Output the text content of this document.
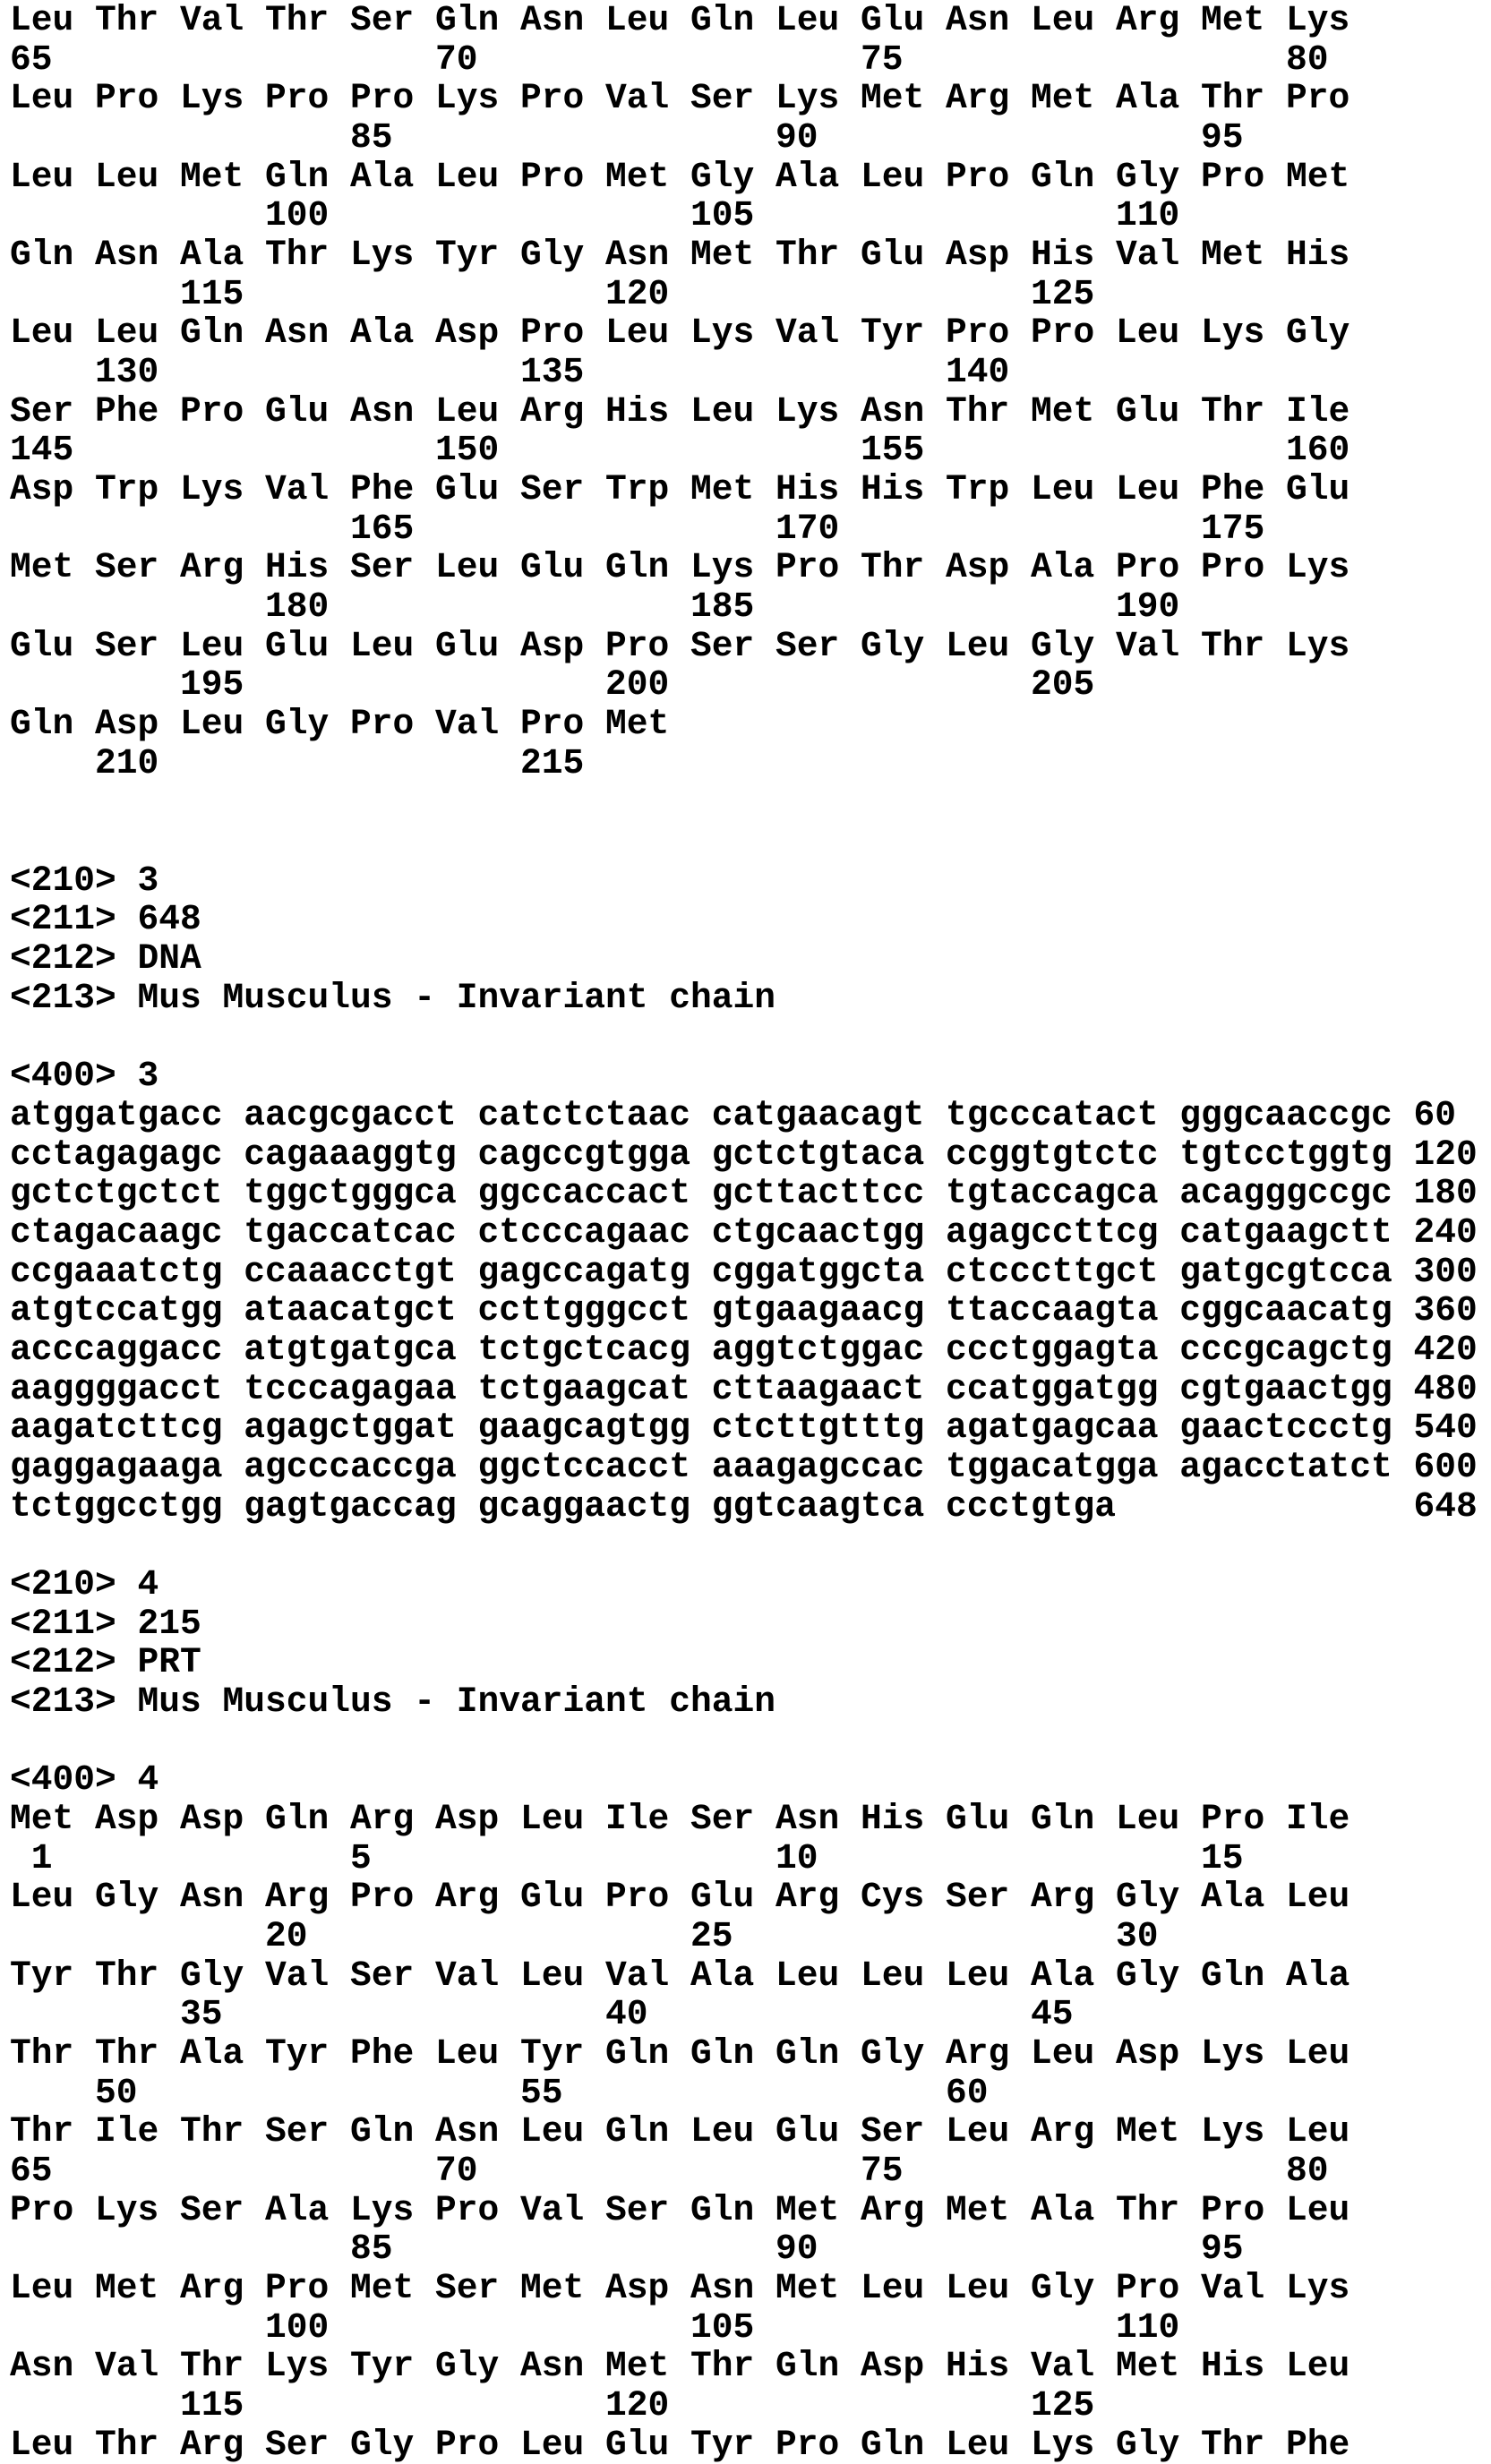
Leu Thr Val Thr Ser Gln Asn Leu Gln Leu Glu Asn Leu Arg Met Lys
65                  70                  75                  80
Leu Pro Lys Pro Pro Lys Pro Val Ser Lys Met Arg Met Ala Thr Pro
85                  90                  95
Leu Leu Met Gln Ala Leu Pro Met Gly Ala Leu Pro Gln Gly Pro Met
100                 105                 110
Gln Asn Ala Thr Lys Tyr Gly Asn Met Thr Glu Asp His Val Met His
115                 120                 125
Leu Leu Gln Asn Ala Asp Pro Leu Lys Val Tyr Pro Pro Leu Lys Gly
130                 135                 140
Ser Phe Pro Glu Asn Leu Arg His Leu Lys Asn Thr Met Glu Thr Ile
145                 150                 155                 160
Asp Trp Lys Val Phe Glu Ser Trp Met His His Trp Leu Leu Phe Glu
165                 170                 175
Met Ser Arg His Ser Leu Glu Gln Lys Pro Thr Asp Ala Pro Pro Lys
180                 185                 190
Glu Ser Leu Glu Leu Glu Asp Pro Ser Ser Gly Leu Gly Val Thr Lys
195                 200                 205
Gln Asp Leu Gly Pro Val Pro Met
210                 215
<210> 3
<211> 648
<212> DNA
<213> Mus Musculus - Invariant chain
<400> 3
atggatgacc aacgcgacct catctctaac catgaacagt tgcccatact gggcaaccgc 60
cctagagagc cagaaaggtg cagccgtgga gctctgtaca ccggtgtctc tgtcctggtg 120
gctctgctct tggctgggca ggccaccact gcttacttcc tgtaccagca acagggccgc 180
ctagacaagc tgaccatcac ctcccagaac ctgcaactgg agagccttcg catgaagctt 240
ccgaaatctg ccaaacctgt gagccagatg cggatggcta ctcccttgct gatgcgtcca 300
atgtccatgg ataacatgct ccttgggcct gtgaagaacg ttaccaagta cggcaacatg 360
acccaggacc atgtgatgca tctgctcacg aggtctggac ccctggagta cccgcagctg 420
aaggggacct tcccagagaa tctgaagcat cttaagaact ccatggatgg cgtgaactgg 480
aagatcttcg agagctggat gaagcagtgg ctcttgtttg agatgagcaa gaactccctg 540
gaggagaaga agcccaccga ggctccacct aaagagccac tggacatgga agacctatct 600
tctggcctgg gagtgaccag gcaggaactg ggtcaagtca ccctgtga              648
<210> 4
<211> 215
<212> PRT
<213> Mus Musculus - Invariant chain
<400> 4
Met Asp Asp Gln Arg Asp Leu Ile Ser Asn His Glu Gln Leu Pro Ile
1              5                   10                  15
Leu Gly Asn Arg Pro Arg Glu Pro Glu Arg Cys Ser Arg Gly Ala Leu
20                  25                  30
Tyr Thr Gly Val Ser Val Leu Val Ala Leu Leu Leu Ala Gly Gln Ala
35                  40                  45
Thr Thr Ala Tyr Phe Leu Tyr Gln Gln Gln Gly Arg Leu Asp Lys Leu
50                  55                  60
Thr Ile Thr Ser Gln Asn Leu Gln Leu Glu Ser Leu Arg Met Lys Leu
65                  70                  75                  80
Pro Lys Ser Ala Lys Pro Val Ser Gln Met Arg Met Ala Thr Pro Leu
85                  90                  95
Leu Met Arg Pro Met Ser Met Asp Asn Met Leu Leu Gly Pro Val Lys
100                 105                 110
Asn Val Thr Lys Tyr Gly Asn Met Thr Gln Asp His Val Met His Leu
115                 120                 125
Leu Thr Arg Ser Gly Pro Leu Glu Tyr Pro Gln Leu Lys Gly Thr Phe
